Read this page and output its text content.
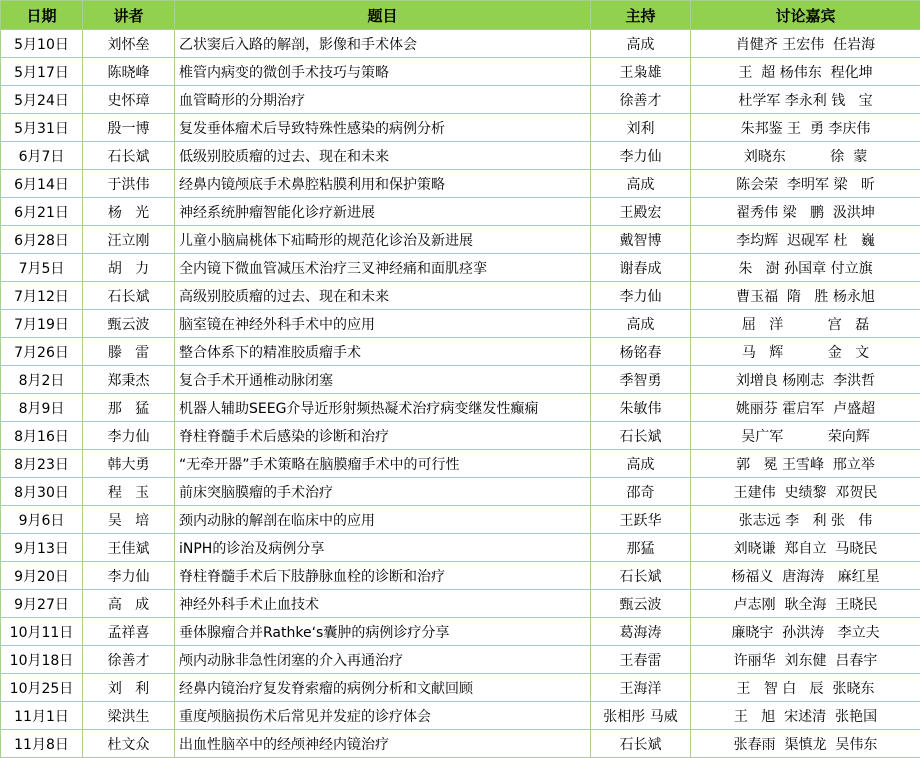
日期	讲者	题目	主持	讨论嘉宾
5月10日	刘怀垒	乙状窦后入路的解剖，影像和手术体会	高成	肖健齐 王宏伟  任岩海
5月17日	陈晓峰	椎管内病变的微创手术技巧与策略	王枭雄	王  超 杨伟东  程化坤
5月24日	史怀璋	血管畸形的分期治疗	徐善才	杜学军 李永利 钱   宝
5月31日	殷一博	复发垂体瘤术后导致特殊性感染的病例分析	刘利	朱邦鉴 王  勇 李庆伟
6月7日	石长斌	低级别胶质瘤的过去、现在和未来	李力仙	刘晓东          徐  蒙
6月14日	于洪伟	经鼻内镜颅底手术鼻腔粘膜利用和保护策略	高成	陈会荣  李明军 梁   昕
6月21日	杨   光	神经系统肿瘤智能化诊疗新进展	王殿宏	翟秀伟 梁   鹏  汲洪坤
6月28日	汪立刚	儿童小脑扁桃体下疝畸形的规范化诊治及新进展	戴智博	李均辉  迟砚军 杜   巍
7月5日	胡   力	全内镜下微血管减压术治疗三叉神经痛和面肌痉挛	谢春成	朱   澍 孙国章 付立旗
7月12日	石长斌	高级别胶质瘤的过去、现在和未来	李力仙	曹玉福  隋   胜 杨永旭
7月19日	甄云波	脑室镜在神经外科手术中的应用	高成	屈   洋          宫   磊
7月26日	滕   雷	整合体系下的精准胶质瘤手术	杨铭春	马   辉          金   文
8月2日	郑秉杰	复合手术开通椎动脉闭塞	季智勇	刘增良 杨刚志  李洪哲
8月9日	那   猛	机器人辅助SEEG介导近形射频热凝术治疗病变继发性癫痫	朱敏伟	姚丽芬 霍启军  卢盛超
8月16日	李力仙	脊柱脊髓手术后感染的诊断和治疗	石长斌	吴广军          荣向辉
8月23日	韩大勇	“无牵开器”手术策略在脑膜瘤手术中的可行性	高成	郭   冕 王雪峰  邢立举
8月30日	程   玉	前床突脑膜瘤的手术治疗	邵奇	王建伟  史绩黎  邓贺民
9月6日	吴   培	颈内动脉的解剖在临床中的应用	王跃华	张志远 李   利 张   伟
9月13日	王佳斌	iNPH的诊治及病例分享	那猛	刘晓谦  郑自立  马晓民
9月20日	李力仙	脊柱脊髓手术后下肢静脉血栓的诊断和治疗	石长斌	杨福义  唐海涛   麻红星
9月27日	高   成	神经外科手术止血技术	甄云波	卢志刚  耿全海  王晓民
10月11日	孟祥喜	垂体腺瘤合并Rathke‘s囊肿的病例诊疗分享	葛海涛	廉晓宇  孙洪涛   李立夫
10月18日	徐善才	颅内动脉非急性闭塞的介入再通治疗	王春雷	许丽华  刘东健  吕春宇
10月25日	刘   利	经鼻内镜治疗复发脊索瘤的病例分析和文献回顾	王海洋	王   智 白   辰  张晓东
11月1日	梁洪生	重度颅脑损伤术后常见并发症的诊疗体会	张相彤 马威	王   旭  宋述清  张艳国
11月8日	杜文众	出血性脑卒中的经颅神经内镜治疗	石长斌	张春雨  渠慎龙  吴伟东
